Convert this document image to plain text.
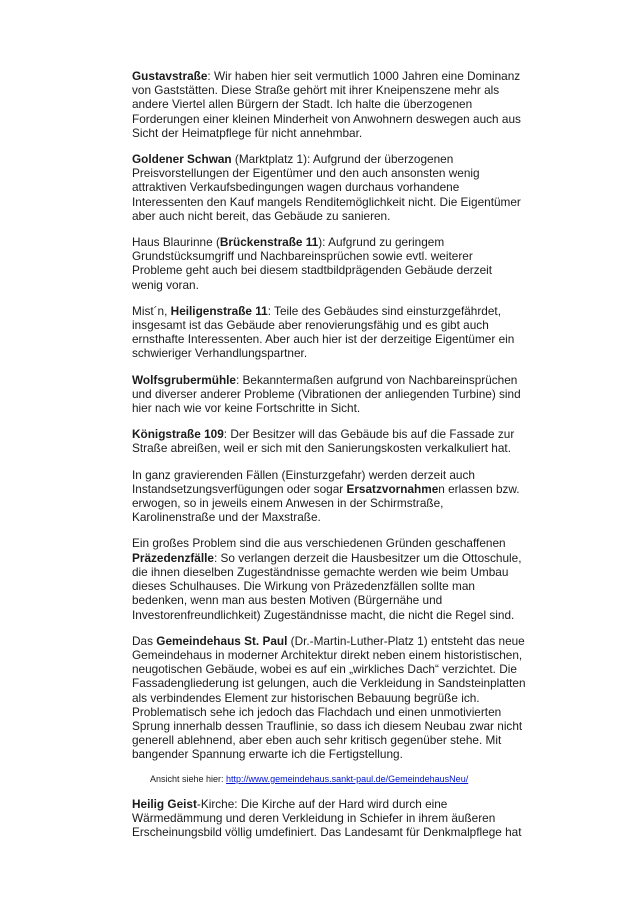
Gustavstraße: Wir haben hier seit vermutlich 1000 Jahren eine Dominanz von Gaststätten. Diese Straße gehört mit ihrer Kneipenszene mehr als andere Viertel allen Bürgern der Stadt. Ich halte die überzogenen Forderungen einer kleinen Minderheit von Anwohnern deswegen auch aus Sicht der Heimatpflege für nicht annehmbar.

Goldener Schwan (Marktplatz 1): Aufgrund der überzogenen Preisvorstellungen der Eigentümer und den auch ansonsten wenig attraktiven Verkaufsbedingungen wagen durchaus vorhandene Interessenten den Kauf mangels Renditemöglichkeit nicht. Die Eigentümer aber auch nicht bereit, das Gebäude zu sanieren.

Haus Blaurinne (Brückenstraße 11): Aufgrund zu geringem Grundstücksumgriff und Nachbareinsprüchen sowie evtl. weiterer Probleme geht auch bei diesem stadtbildprägenden Gebäude derzeit wenig voran.

Mist´n, Heiligenstraße 11: Teile des Gebäudes sind einsturzgefährdet, insgesamt ist das Gebäude aber renovierungsfähig und es gibt auch ernsthafte Interessenten. Aber auch hier ist der derzeitige Eigentümer ein schwieriger Verhandlungspartner.

Wolfsgrubermühle: Bekanntermaßen aufgrund von Nachbareinsprüchen und diverser anderer Probleme (Vibrationen der anliegenden Turbine) sind hier nach wie vor keine Fortschritte in Sicht.

Königstraße 109: Der Besitzer will das Gebäude bis auf die Fassade zur Straße abreißen, weil er sich mit den Sanierungskosten verkalkuliert hat.

In ganz gravierenden Fällen (Einsturzgefahr) werden derzeit auch Instandsetzungsverfügungen oder sogar Ersatzvornahmen erlassen bzw. erwogen, so in jeweils einem Anwesen in der Schirmstraße, Karolinenstraße und der Maxstraße.

Ein großes Problem sind die aus verschiedenen Gründen geschaffenen Präzedenzfälle: So verlangen derzeit die Hausbesitzer um die Ottoschule, die ihnen dieselben Zugeständnisse gemachte werden wie beim Umbau dieses Schulhauses. Die Wirkung von Präzedenzfällen sollte man bedenken, wenn man aus besten Motiven (Bürgernähe und Investorenfreundlichkeit) Zugeständnisse macht, die nicht die Regel sind.

Das Gemeindehaus St. Paul (Dr.-Martin-Luther-Platz 1) entsteht das neue Gemeindehaus in moderner Architektur direkt neben einem historistischen, neugotischen Gebäude, wobei es auf ein „wirkliches Dach“ verzichtet. Die Fassadengliederung ist gelungen, auch die Verkleidung in Sandsteinplatten als verbindendes Element zur historischen Bebauung begrüße ich. Problematisch sehe ich jedoch das Flachdach und einen unmotivierten Sprung innerhalb dessen Trauflinie, so dass ich diesem Neubau zwar nicht generell ablehnend, aber eben auch sehr kritisch gegenüber stehe. Mit bangender Spannung erwarte ich die Fertigstellung.

Ansicht siehe hier: http://www.gemeindehaus.sankt-paul.de/GemeindehausNeu/

Heilig Geist-Kirche: Die Kirche auf der Hard wird durch eine Wärmedämmung und deren Verkleidung in Schiefer in ihrem äußeren Erscheinungsbild völlig umdefiniert. Das Landesamt für Denkmalpflege hat
